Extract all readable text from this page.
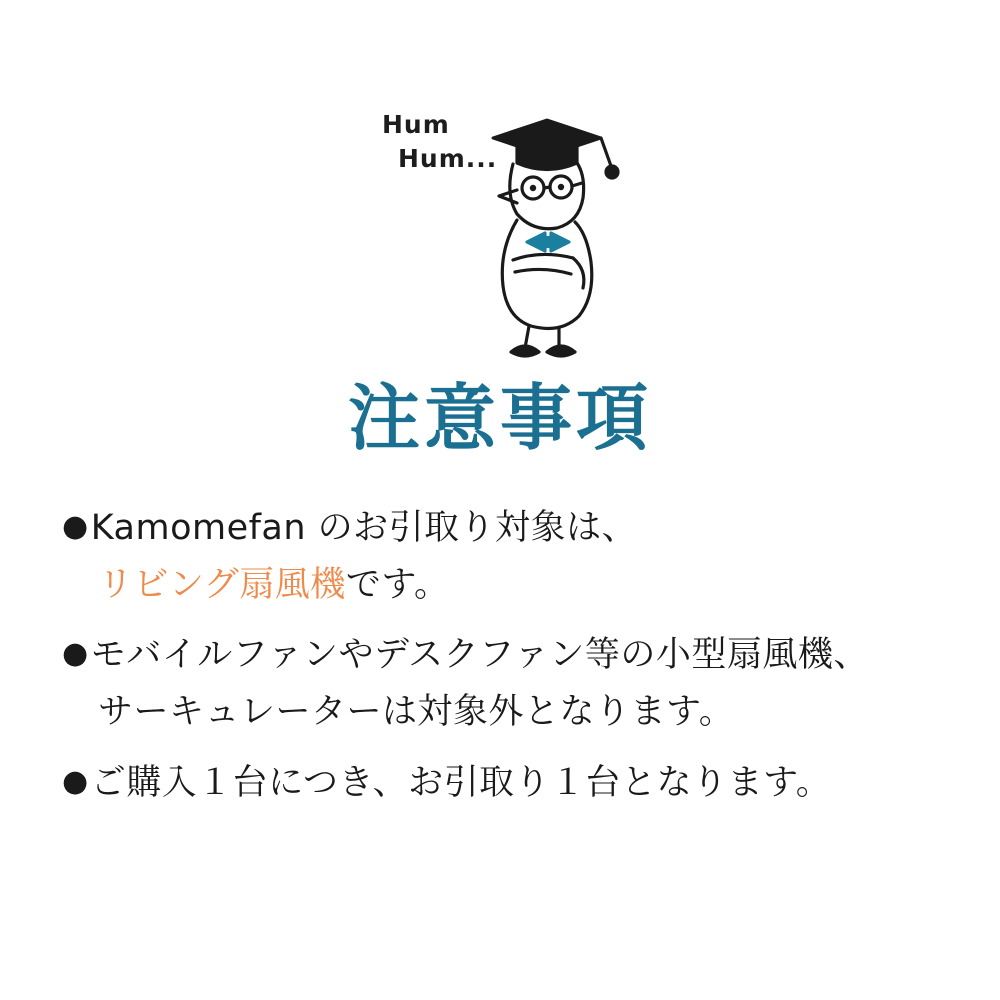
Hum
Hum...
注意事項
●Kamomefan のお引取り対象は、
リビング扇風機です。
●モバイルファンやデスクファン等の小型扇風機、
サーキュレーターは対象外となります。
●ご購入１台につき、お引取り１台となります。
